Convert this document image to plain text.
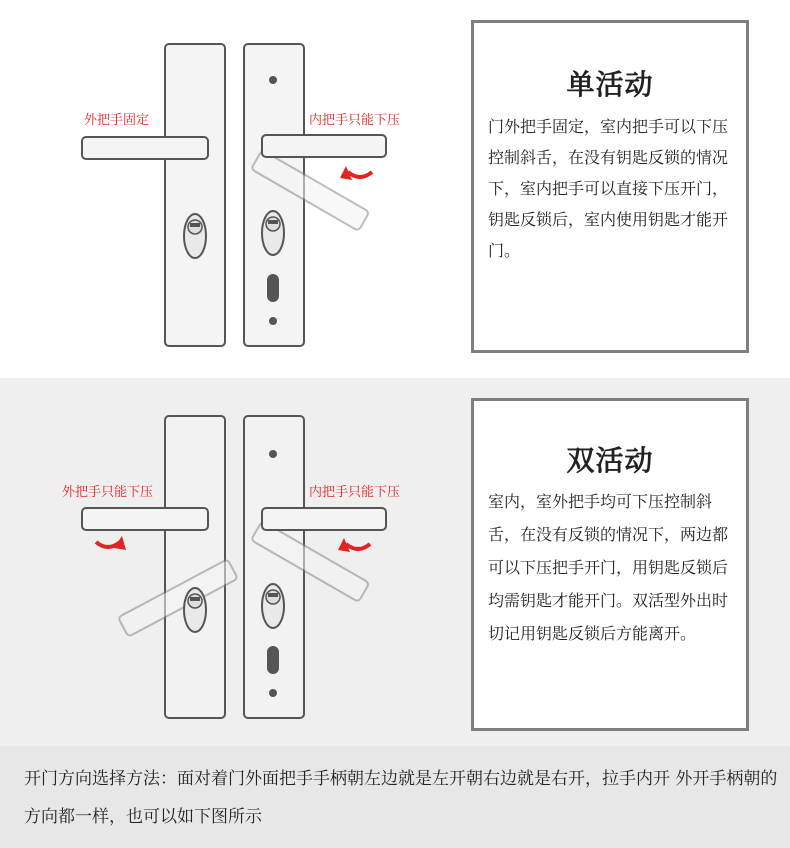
外把手固定	内把手只能下压
单活动
门外把手固定，室内把手可以下压控制斜舌，在没有钥匙反锁的情况下，室内把手可以直接下压开门，钥匙反锁后，室内使用钥匙才能开门。
外把手只能下压	内把手只能下压
双活动
室内，室外把手均可下压控制斜舌，在没有反锁的情况下，两边都可以下压把手开门，用钥匙反锁后均需钥匙才能开门。双活型外出时切记用钥匙反锁后方能离开。
开门方向选择方法：面对着门外面把手手柄朝左边就是左开朝右边就是右开，拉手内开 外开手柄朝的方向都一样，也可以如下图所示
